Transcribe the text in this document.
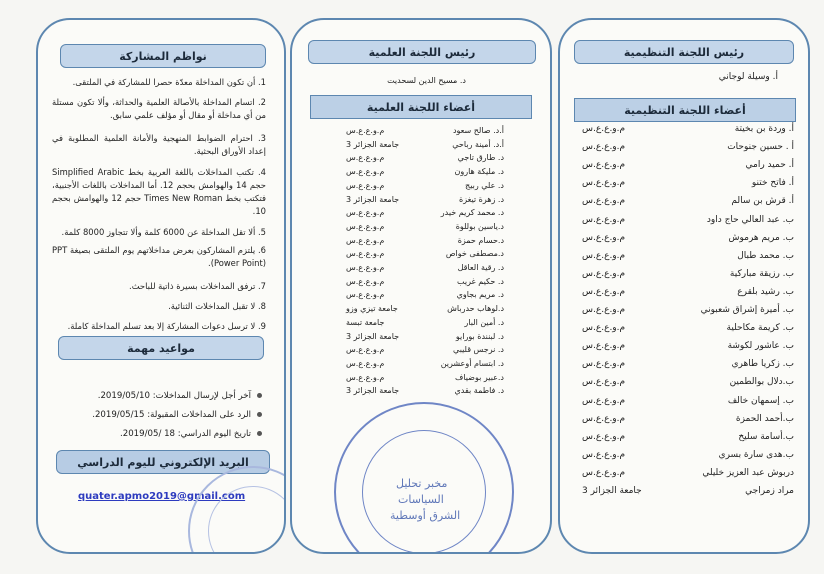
رئيس اللجنة التنظيمية
أ. وسيلة لوجاني
أعضاء اللجنة التنظيمية
أ. وردة بن بخيتة
م.و.ع.ع.س
أ . حسين جنوحات
م.و.ع.ع.س
أ. حميد رامي
م.و.ع.ع.س
أ. فاتح ختنو
م.و.ع.ع.س
أ. قرش بن سالم
م.و.ع.ع.س
ب. عبد العالي حاج داود
م.و.ع.ع.س
ب. مريم هرموش
م.و.ع.ع.س
ب. محمد طبال
م.و.ع.ع.س
ب. رزيقة مباركية
م.و.ع.ع.س
ب. رشيد بلقرع
م.و.ع.ع.س
ب. أميرة إشراق شعبوني
م.و.ع.ع.س
ب. كريمة مكاحلية
م.و.ع.ع.س
ب. عاشور لكوشة
م.و.ع.ع.س
ب. زكريا طاهري
م.و.ع.ع.س
ب.دلال بوالطمين
م.و.ع.ع.س
ب. إسمهان خالف
م.و.ع.ع.س
ب.أحمد الحمزة
م.و.ع.ع.س
ب.أسامة سليخ
م.و.ع.ع.س
ب.هدى سارة بسري
م.و.ع.ع.س
دربوش عبد العزيز خليلي
م.و.ع.ع.س
مراد زمراجي
جامعة الجزائر 3
رئيس اللجنة العلمية
د. مسيح الدين لسحديت
أعضاء اللجنة العلمية
أ.د. صالح سعود
م.و.ع.ع.س
أ.د. أمينة رباحي
جامعة الجزائر 3
د. طارق تاجي
م.و.ع.ع.س
د. مليكة هارون
م.و.ع.ع.س
د. علي ربيج
م.و.ع.ع.س
د. زهرة تيغزة
جامعة الجزائر 3
د. محمد كريم خيدر
م.و.ع.ع.س
د.ياسين بوللوة
م.و.ع.ع.س
د.حسام حمزة
م.و.ع.ع.س
د.مصطفى خواص
م.و.ع.ع.س
د. رقية العاقل
م.و.ع.ع.س
د. حكيم غريب
م.و.ع.ع.س
د. مريم بجاوي
م.و.ع.ع.س
د.لوهاب حدرباش
جامعة تيزي وزو
د. أمين البار
جامعة تبسة
د. لبنندة بورايو
جامعة الجزائر 3
د. نرجس قليبي
م.و.ع.ع.س
د. ابتسام أوعشرين
م.و.ع.ع.س
د.عبير بوضياف
م.و.ع.ع.س
د. فاطمة بقدي
جامعة الجزائر 3
مخبر تحليل
السياسات
الشرق أوسطية
نواظم المشاركة
1. أن تكون المداخلة معدّة حصرا للمشاركة في الملتقى.
2. اتسام المداخلة بالأصالة العلمية والحداثة، وألا تكون مستلة من أي مداخلة أو مقال أو مؤلف علمي سابق.
3. احترام الضوابط المنهجية والأمانة العلمية المطلوبة في إعداد الأوراق البحثية.
4. تكتب المداخلات باللغة العربية بخط Simplified Arabic حجم 14 والهوامش بحجم 12. أما المداخلات باللغات الأجنبية، فتكتب بخط Times New Roman حجم 12 والهوامش بحجم 10.
5. ألا تقل المداخلة عن 6000 كلمة وألا تتجاوز 8000 كلمة.
6. يلتزم المشاركون بعرض مداخلاتهم يوم الملتقى بصيغة PPT (Power Point).
7. ترفق المداخلات بسيرة ذاتية للباحث.
8. لا تقبل المداخلات الثنائية.
9. لا ترسل دعوات المشاركة إلا بعد تسلم المداخلة كاملة.
مواعيد مهمة
آخر أجل لإرسال المداخلات: 2019/05/10.
الرد على المداخلات المقبولة: 2019/05/15.
تاريخ اليوم الدراسي: 18 /2019/05.
البريد الإلكتروني لليوم الدراسي
quater.apmo2019@gmail.com
